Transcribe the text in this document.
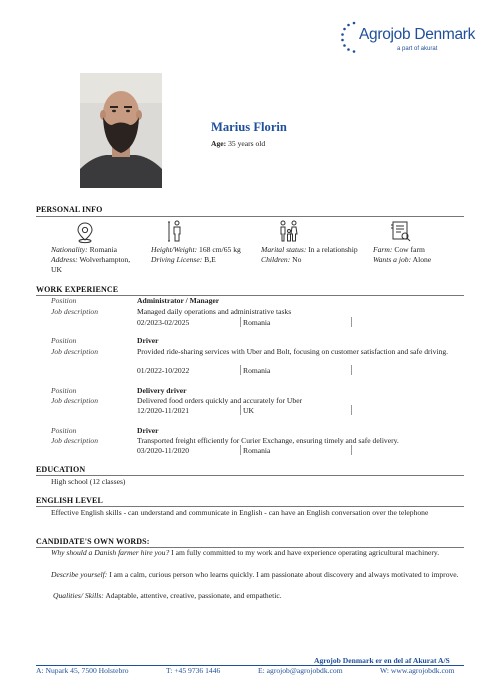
Agrojob Denmark
a part of akurat
Marius Florin
Age: 35 years old
PERSONAL INFO
Nationality: Romania
Address: Wolverhampton,
UK
Height/Weight: 168 cm/65 kg
Driving License: B,E
Marital status: In a relationship
Children: No
Farm: Cow farm
Wants a job: Alone
WORK EXPERIENCE
Position	Administrator / Manager
Job description	Managed daily operations and administrative tasks
02/2023-02/2025	Romania
Position	Driver
Job description	Provided ride-sharing services with Uber and Bolt, focusing on customer satisfaction and safe driving.
01/2022-10/2022	Romania
Position	Delivery driver
Job description	Delivered food orders quickly and accurately for Uber
12/2020-11/2021	UK
Position	Driver
Job description	Transported freight efficiently for Curier Exchange, ensuring timely and safe delivery.
03/2020-11/2020	Romania
EDUCATION
High school (12 classes)
ENGLISH LEVEL
Effective English skills - can understand and communicate in English - can have an English conversation over the telephone
CANDIDATE'S OWN WORDS:
Why should a Danish farmer hire you? I am fully committed to my work and have experience operating agricultural machinery.
Describe yourself: I am a calm, curious person who learns quickly. I am passionate about discovery and always motivated to improve.
Qualities/ Skills: Adaptable, attentive, creative, passionate, and empathetic.
Agrojob Denmark er en del af Akurat A/S
A: Nupark 45, 7500 Holstebro	T: +45 9736 1446	E: agrojob@agrojobdk.com	W: www.agrojobdk.com
